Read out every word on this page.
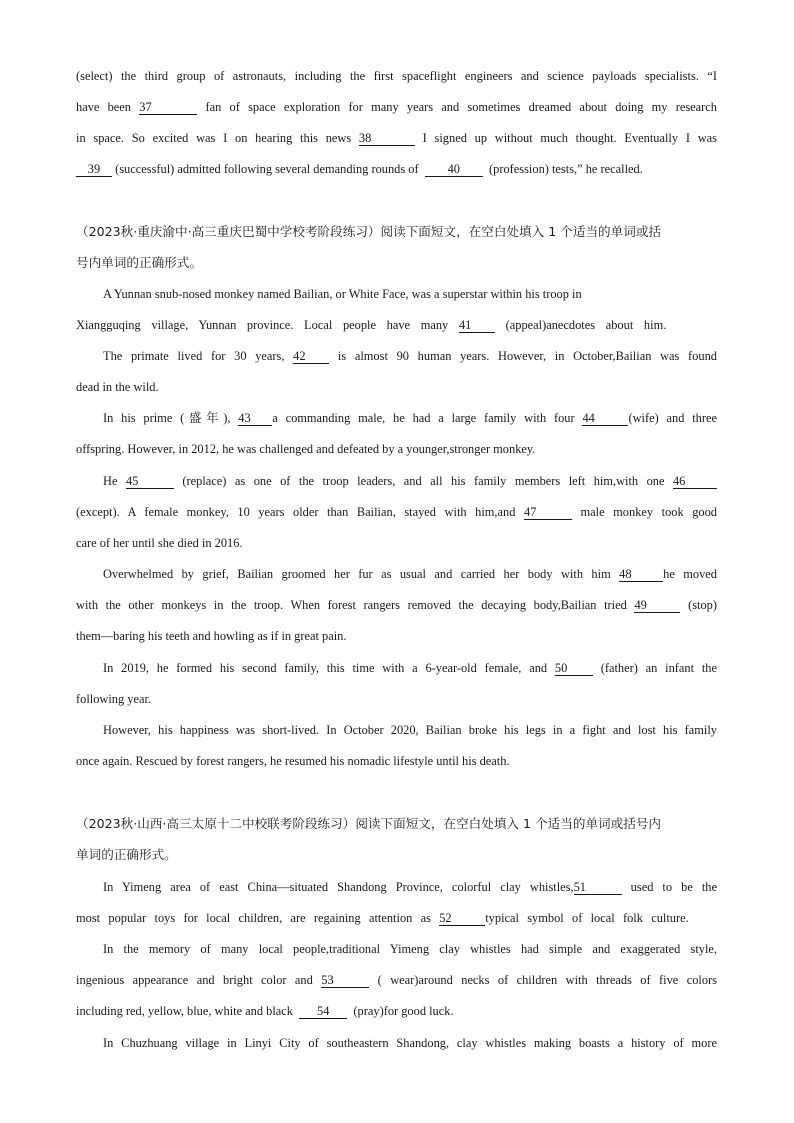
(select) the third group of astronauts, including the first spaceflight engineers and science payloads specialists. “I
have been 37	fan of space exploration for many years and sometimes dreamed about doing my research
in space. So excited was I on hearing this news 38	I signed up without much thought. Eventually I was
39 (successful) admitted following several demanding rounds of 40 (profession) tests,” he recalled.
（2023秋·重庆渝中·高三重庆巴蜀中学校考阶段练习）阅读下面短文，在空白处填入 1 个适当的单词或括
号内单词的正确形式。
A Yunnan snub-nosed monkey named Bailian, or White Face, was a superstar within his troop in
Xiangguqing village, Yunnan province. Local people have many 41	(appeal)anecdotes about him.
The primate lived for 30 years, 42	is almost 90 human years. However, in October,Bailian was found
dead in the wild.
In his prime (盛年), 43 a commanding male, he had a large family with four 44	(wife) and three
offspring. However, in 2012, he was challenged and defeated by a younger,stronger monkey.
He 45	(replace) as one of the troop leaders, and all his family members left him,with one 46
(except). A female monkey, 10 years older than Bailian, stayed with him,and 47	male monkey took good
care of her until she died in 2016.
Overwhelmed by grief, Bailian groomed her fur as usual and carried her body with him 48	he moved
with the other monkeys in the troop. When forest rangers removed the decaying body,Bailian tried 49	(stop)
them—baring his teeth and howling as if in great pain.
In 2019, he formed his second family, this time with a 6-year-old female, and 50	(father) an infant the
following year.
However, his happiness was short-lived. In October 2020, Bailian broke his legs in a fight and lost his family
once again. Rescued by forest rangers, he resumed his nomadic lifestyle until his death.
（2023秋·山西·高三太原十二中校联考阶段练习）阅读下面短文，在空白处填入 1 个适当的单词或括号内
单词的正确形式。
In Yimeng area of east China—situated Shandong Province, colorful clay whistles,51	used to be the
most popular toys for local children, are regaining attention as 52	typical symbol of local folk culture.
In the memory of many local people,traditional Yimeng clay whistles had simple and exaggerated style,
ingenious appearance and bright color and 53	( wear)around necks of children with threads of five colors
including red, yellow, blue, white and black 54 (pray)for good luck.
In Chuzhuang village in Linyi City of southeastern Shandong, clay whistles making boasts a history of more
